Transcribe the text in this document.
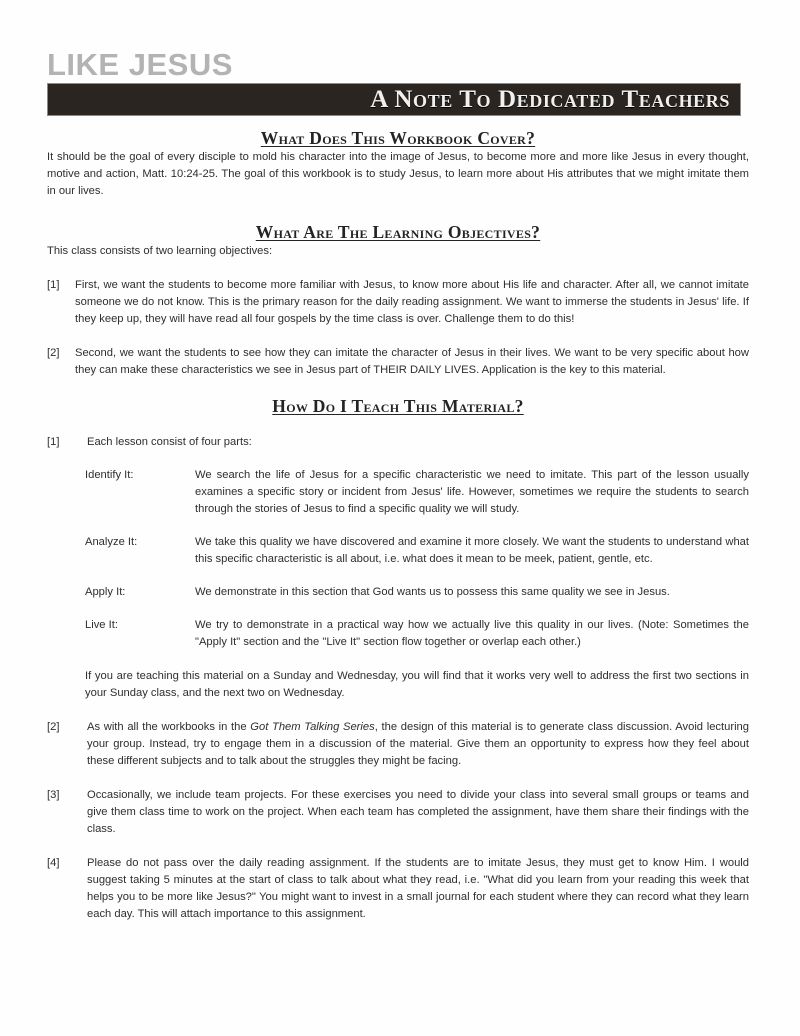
LIKE JESUS
A Note To Dedicated Teachers
What Does This Workbook Cover?

It should be the goal of every disciple to mold his character into the image of Jesus, to become more and more like Jesus in every thought, motive and action, Matt. 10:24-25. The goal of this workbook is to study Jesus, to learn more about His attributes that we might imitate them in our lives.

What Are The Learning Objectives?

This class consists of two learning objectives:

[1]	First, we want the students to become more familiar with Jesus, to know more about His life and character. After all, we cannot imitate someone we do not know. This is the primary reason for the daily reading assignment. We want to immerse the students in Jesus' life. If they keep up, they will have read all four gospels by the time class is over. Challenge them to do this!
[2]	Second, we want the students to see how they can imitate the character of Jesus in their lives. We want to be very specific about how they can make these characteristics we see in Jesus part of THEIR DAILY LIVES. Application is the key to this material.
How Do I Teach This Material?
[1]	Each lesson consist of four parts:
Identify It:	We search the life of Jesus for a specific characteristic we need to imitate. This part of the lesson usually examines a specific story or incident from Jesus' life. However, sometimes we require the students to search through the stories of Jesus to find a specific quality we will study.
Analyze It:	We take this quality we have discovered and examine it more closely. We want the students to understand what this specific characteristic is all about, i.e. what does it mean to be meek, patient, gentle, etc.
Apply It:	We demonstrate in this section that God wants us to possess this same quality we see in Jesus.
Live It:	We try to demonstrate in a practical way how we actually live this quality in our lives. (Note: Sometimes the "Apply It" section and the "Live It" section flow together or overlap each other.)

If you are teaching this material on a Sunday and Wednesday, you will find that it works very well to address the first two sections in your Sunday class, and the next two on Wednesday.

[2]	As with all the workbooks in the Got Them Talking Series, the design of this material is to generate class discussion. Avoid lecturing your group. Instead, try to engage them in a discussion of the material. Give them an opportunity to express how they feel about these different subjects and to talk about the struggles they might be facing.
[3]	Occasionally, we include team projects. For these exercises you need to divide your class into several small groups or teams and give them class time to work on the project. When each team has completed the assignment, have them share their findings with the class.
[4]	Please do not pass over the daily reading assignment. If the students are to imitate Jesus, they must get to know Him. I would suggest taking 5 minutes at the start of class to talk about what they read, i.e. "What did you learn from your reading this week that helps you to be more like Jesus?" You might want to invest in a small journal for each student where they can record what they learn each day. This will attach importance to this assignment.
